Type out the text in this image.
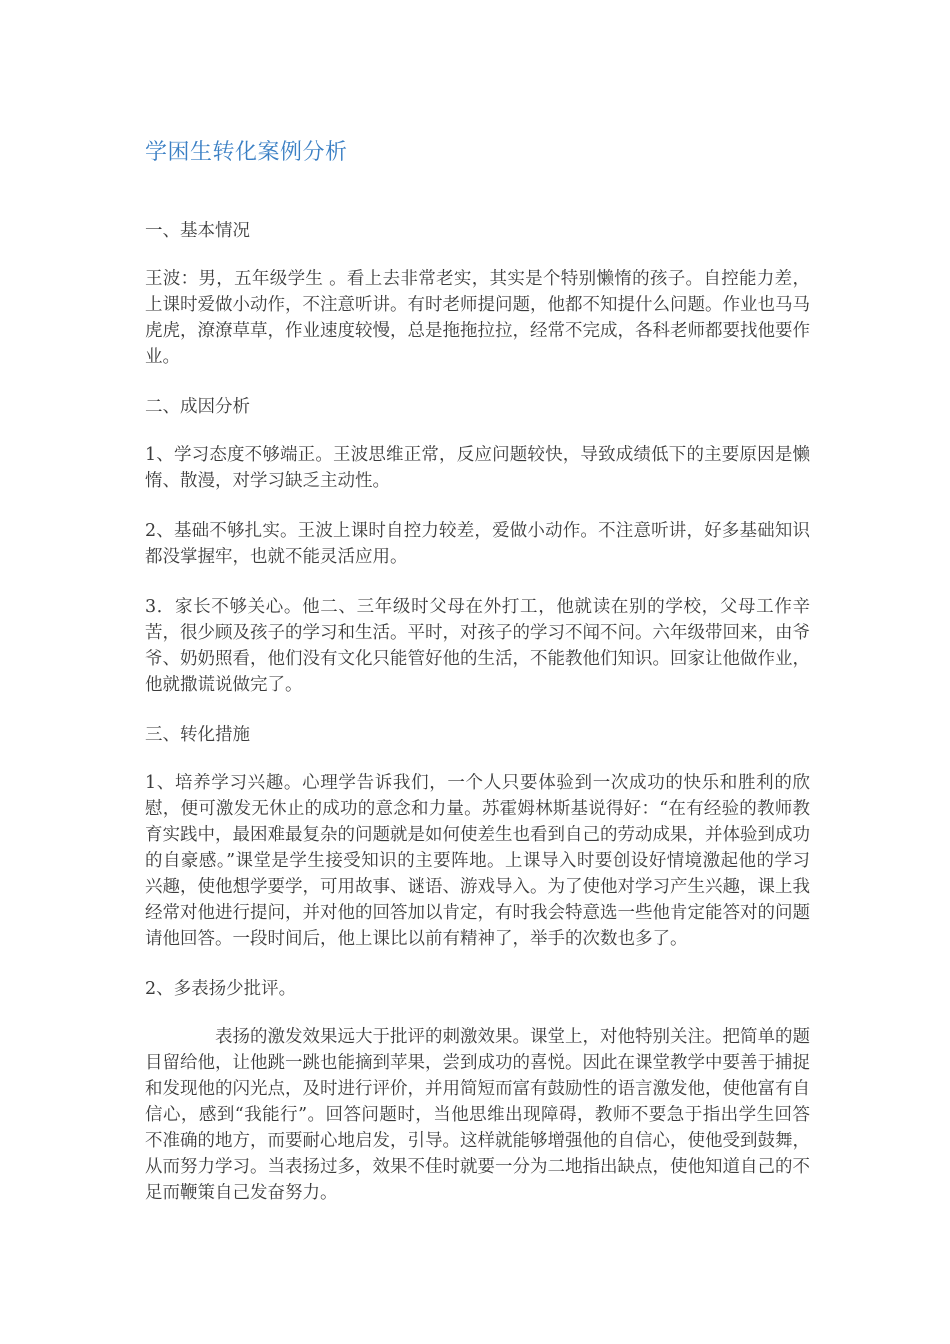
学困生转化案例分析

一、基本情况

王波：男，五年级学生 。看上去非常老实，其实是个特别懒惰的孩子。自控能力差，上课时爱做小动作，不注意听讲。有时老师提问题，他都不知提什么问题。作业也马马虎虎，潦潦草草，作业速度较慢，总是拖拖拉拉，经常不完成，各科老师都要找他要作业。

二、成因分析

1、学习态度不够端正。王波思维正常，反应问题较快，导致成绩低下的主要原因是懒惰、散漫，对学习缺乏主动性。

2、基础不够扎实。王波上课时自控力较差，爱做小动作。不注意听讲，好多基础知识都没掌握牢，也就不能灵活应用。

3．家长不够关心。他二、三年级时父母在外打工，他就读在别的学校，父母工作辛苦，很少顾及孩子的学习和生活。平时，对孩子的学习不闻不问。六年级带回来，由爷爷、奶奶照看，他们没有文化只能管好他的生活，不能教他们知识。回家让他做作业，他就撒谎说做完了。

三、转化措施

1、培养学习兴趣。心理学告诉我们，一个人只要体验到一次成功的快乐和胜利的欣慰，便可激发无休止的成功的意念和力量。苏霍姆林斯基说得好：“在有经验的教师教育实践中，最困难最复杂的问题就是如何使差生也看到自己的劳动成果，并体验到成功的自豪感。”课堂是学生接受知识的主要阵地。上课导入时要创设好情境激起他的学习兴趣，使他想学要学，可用故事、谜语、游戏导入。为了使他对学习产生兴趣，课上我经常对他进行提问，并对他的回答加以肯定，有时我会特意选一些他肯定能答对的问题请他回答。一段时间后，他上课比以前有精神了，举手的次数也多了。

2、多表扬少批评。

表扬的激发效果远大于批评的刺激效果。课堂上，对他特别关注。把简单的题目留给他，让他跳一跳也能摘到苹果，尝到成功的喜悦。因此在课堂教学中要善于捕捉和发现他的闪光点，及时进行评价，并用简短而富有鼓励性的语言激发他，使他富有自信心，感到“我能行”。回答问题时，当他思维出现障碍，教师不要急于指出学生回答不准确的地方，而要耐心地启发，引导。这样就能够增强他的自信心，使他受到鼓舞，从而努力学习。当表扬过多，效果不佳时就要一分为二地指出缺点，使他知道自己的不足而鞭策自己发奋努力。
